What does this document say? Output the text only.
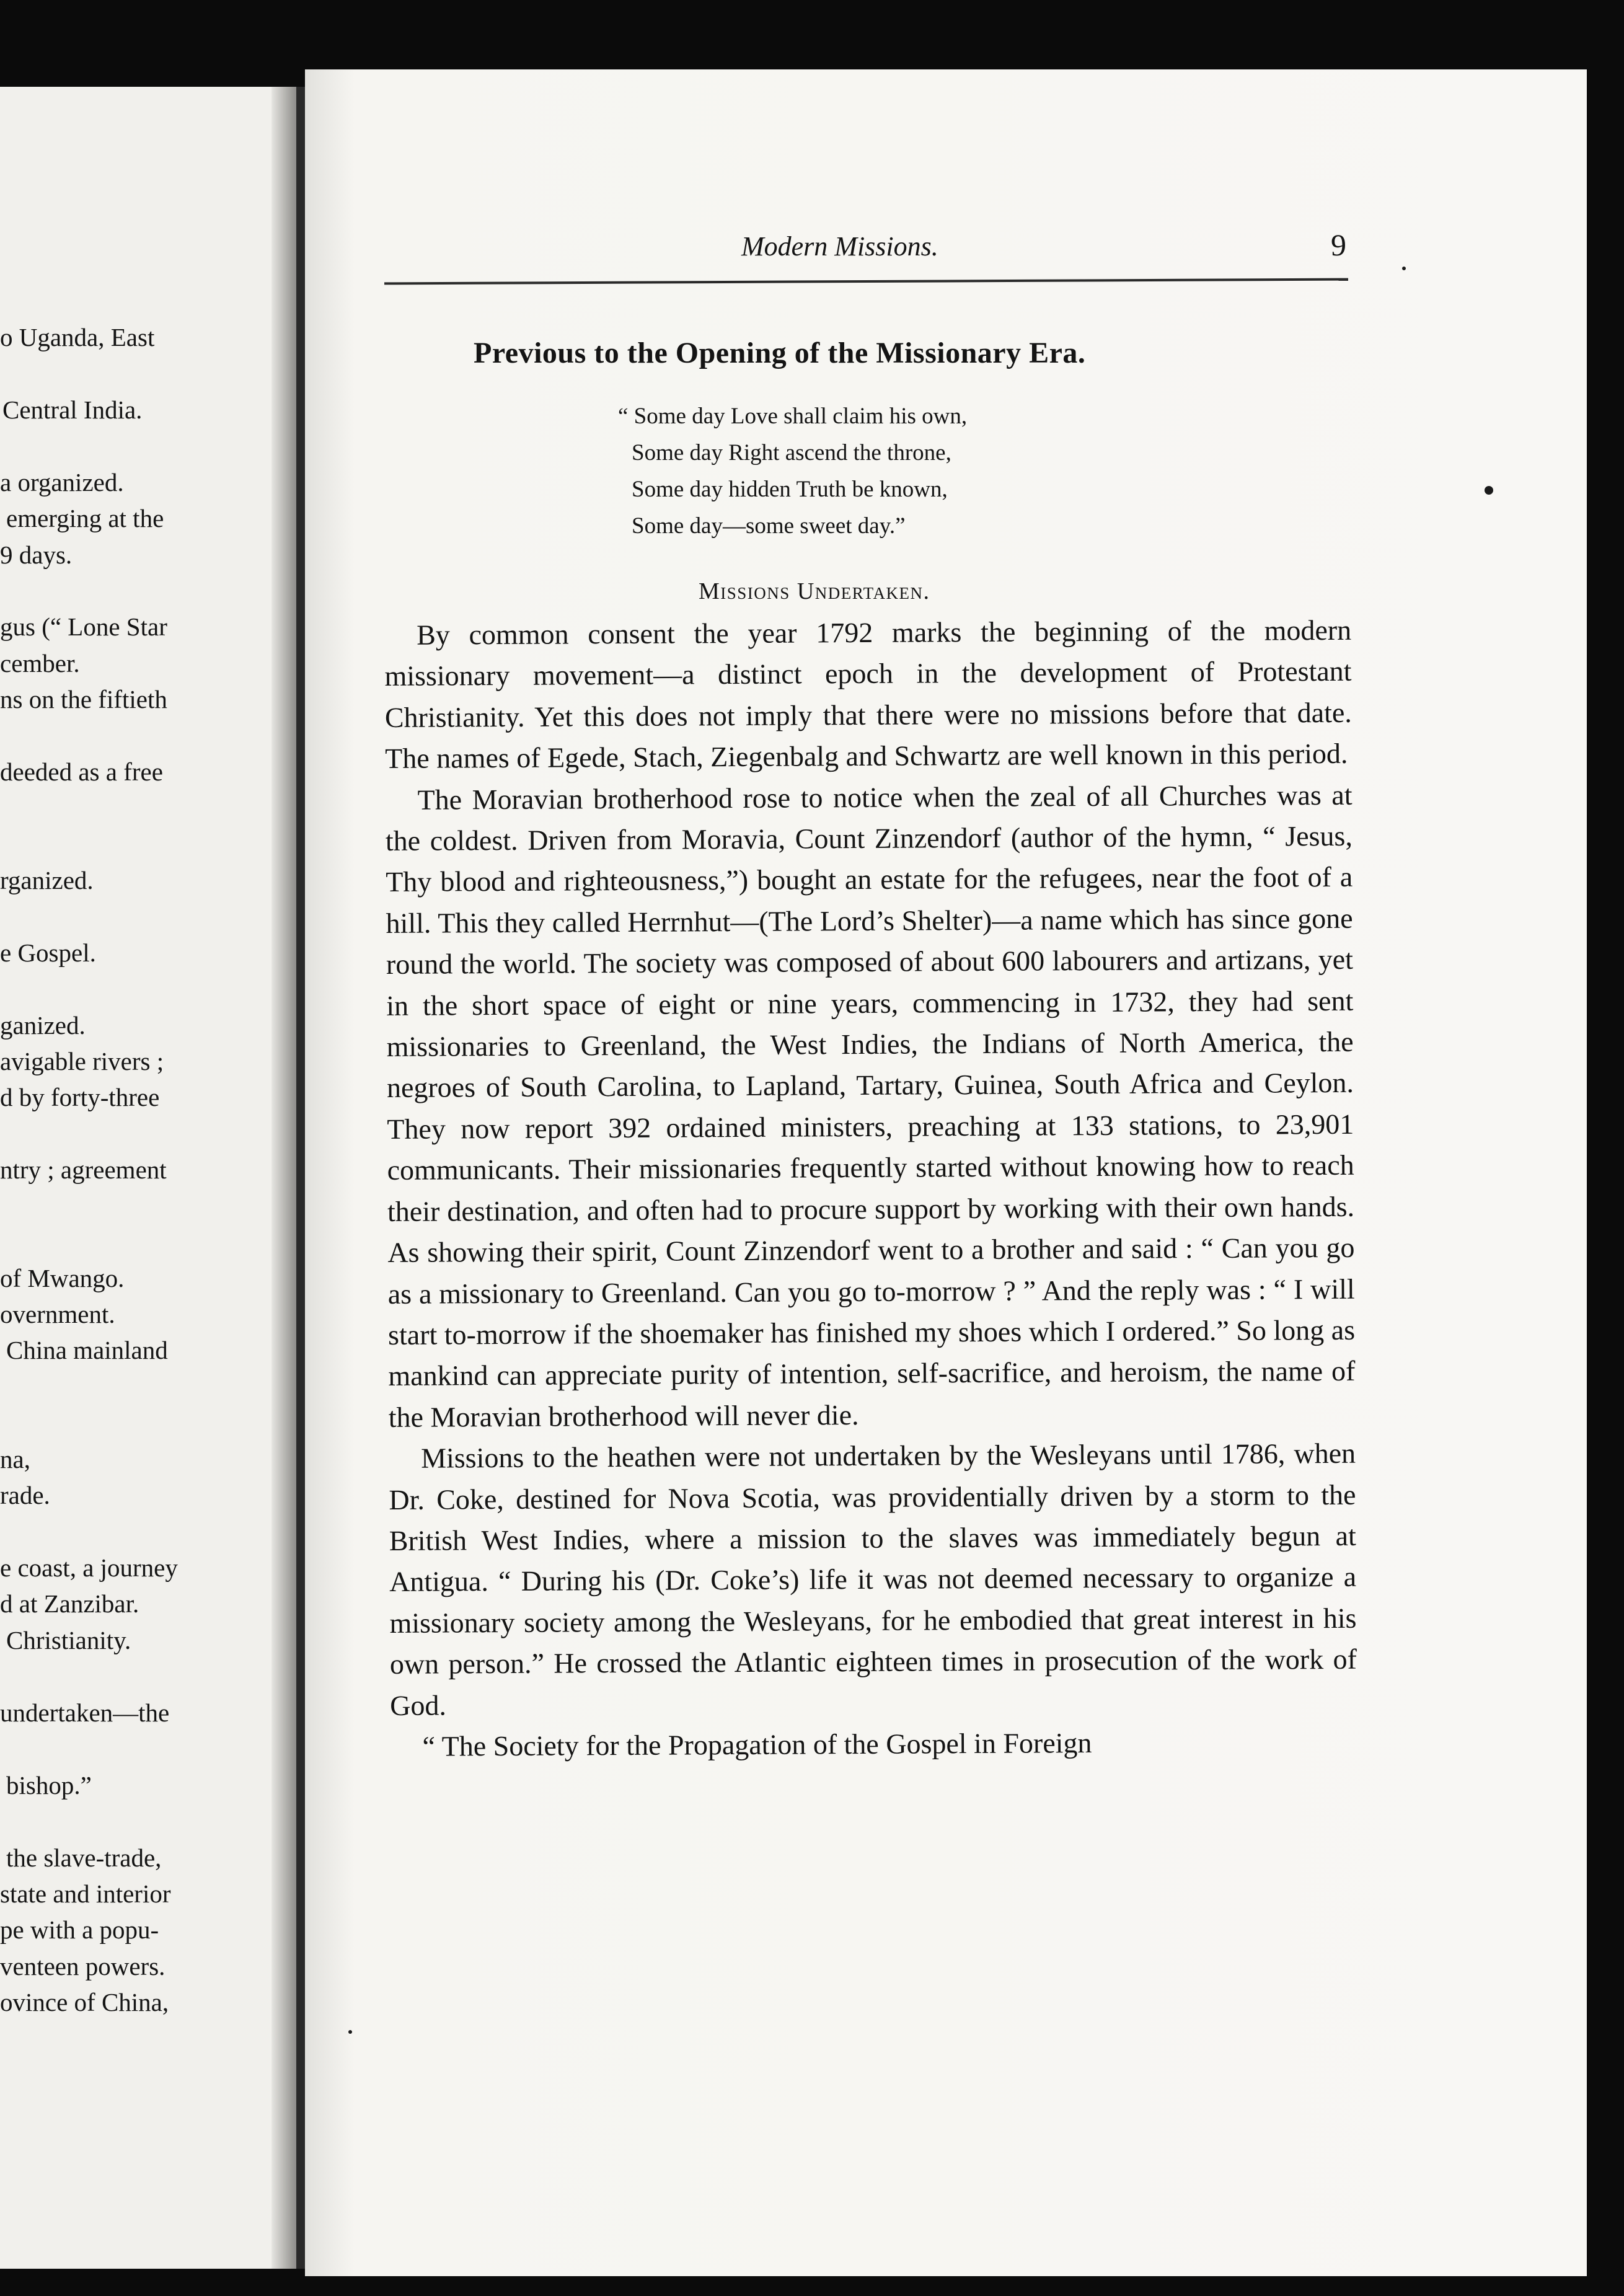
o Uganda, East
Central India.
a organized.
emerging at the
9 days.
gus (“ Lone Star
cember.
ns on the fiftieth
deeded as a free
rganized.
e Gospel.
ganized.
avigable rivers ;
d by forty-three
ntry ; agreement
of Mwango.
overnment.
China mainland
na,
rade.
e coast, a journey
d at Zanzibar.
Christianity.
undertaken—the
bishop.”
the slave-trade,
state and interior
pe with a popu-
venteen powers.
ovince of China,
Modern Missions.	9
Previous to the Opening of the Missionary Era.
“ Some day Love shall claim his own,
Some day Right ascend the throne,
Some day hidden Truth be known,
Some day—some sweet day.”
Missions Undertaken.

By common consent the year 1792 marks the beginning of the modern missionary movement—a distinct epoch in the development of Protestant Christianity. Yet this does not imply that there were no missions before that date. The names of Egede, Stach, Ziegenbalg and Schwartz are well known in this period.

The Moravian brotherhood rose to notice when the zeal of all Churches was at the coldest. Driven from Moravia, Count Zinzendorf (author of the hymn, “ Jesus, Thy blood and righteousness,”) bought an estate for the refugees, near the foot of a hill. This they called Herrnhut—(The Lord’s Shelter)—a name which has since gone round the world. The society was composed of about 600 labourers and artizans, yet in the short space of eight or nine years, commencing in 1732, they had sent missionaries to Greenland, the West Indies, the Indians of North America, the negroes of South Carolina, to Lapland, Tartary, Guinea, South Africa and Ceylon. They now report 392 ordained ministers, preaching at 133 stations, to 23,901 communicants. Their missionaries frequently started without knowing how to reach their destination, and often had to procure support by working with their own hands. As showing their spirit, Count Zinzendorf went to a brother and said : “ Can you go as a missionary to Greenland. Can you go to-morrow ? ” And the reply was : “ I will start to-morrow if the shoemaker has finished my shoes which I ordered.” So long as mankind can appreciate purity of intention, self-sacrifice, and heroism, the name of the Moravian brotherhood will never die.

Missions to the heathen were not undertaken by the Wesleyans until 1786, when Dr. Coke, destined for Nova Scotia, was providentially driven by a storm to the British West Indies, where a mission to the slaves was immediately begun at Antigua. “ During his (Dr. Coke’s) life it was not deemed necessary to organize a missionary society among the Wesleyans, for he embodied that great interest in his own person.” He crossed the Atlantic eighteen times in prosecution of the work of God.

“ The Society for the Propagation of the Gospel in Foreign
